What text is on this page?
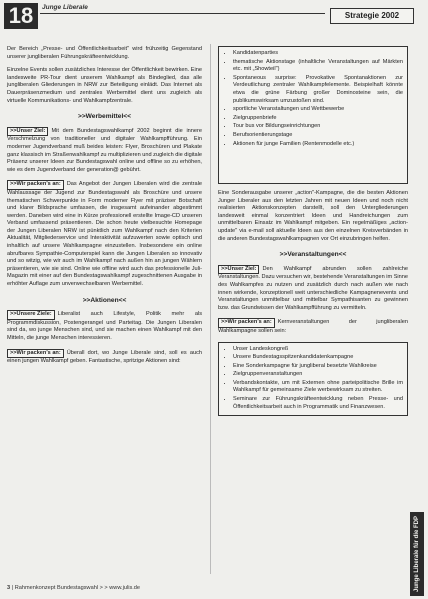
18	Junge Liberale
Strategie 2002

Der Bereich „Presse- und Öffentlichkeitsarbeit" wird frühzeitig Gegenstand unserer jungliberalen Führungskräfteentwicklung.

Einzelne Events sollen zusätzliches Interesse der Öffentlichkeit bewirken. Eine landesweite PR-Tour dient unserem Wahlkampf als Bindeglied, das alle jungliberalen Gliederungen in NRW zur Beteiligung einlädt. Das Internet als Dauerpräsenzmedium und zentrales Werbemittel dient uns zugleich als virtuelle Kommunikations- und Wahlkampfzentrale.

>>Werbemittel<<

>>Unser Ziel: Mit dem Bundestagswahlkampf 2002 beginnt die innere Verschmelzung von traditioneller und digitaler Wahlkampfführung. Ein moderner Jugendverband muß beides leisten: Flyer, Broschüren und Plakate ganz klassisch im Straßenwahlkampf zu multiplizieren und zugleich die digitale Präsenz unserer Ideen zur Bundestagswahl online und offline so zu erhöhen, wie es dem Jugendverband der generation@ gebührt.

>>Wir packen's an: Das Angebot der Jungen Liberalen wird die zentrale Wahlaussage der Jugend zur Bundestagswahl als Broschüre und unsere thematischen Schwerpunkte in Form moderner Flyer mit präziser Botschaft und klarer Bildsprache umfassen, die insgesamt aufeinander abgestimmt werden. Daneben wird eine in Kürze professionell erstellte Image-CD unseren Verband umfassend präsentieren. Die schon heute vielbesuchte Homepage der Jungen Liberalen NRW ist pünktlich zum Wahlkampf nach den Kriterien Aktualität, Mitgliederservice und Interaktivität aufzuwerten sowie optisch und inhaltlich auf unsere Wahlkampagne einzustellen. Insbesondere ein online abrufbares Sympathie-Computerspiel kann die Jungen Liberalen so innovativ und so witzig, wie wir auch im Wahlkampf nach außen hin an jungen Wählern präsentieren, wie sie sind. Online wie offline wird auch das professionelle Juli-Magazin mit einer auf den Bundestagswahlkampf zugeschnittenen Ausgabe in erhöhter Auflage zum unverwechselbaren Werbemittel.

>>Aktionen<<

>>Unsere Ziele: Liberalist auch Lifestyle, Politik mehr als Programmdiskussion, Postengerangel und Parteitag. Die Jungen Liberalen sind da, wo junge Menschen sind, und sie machen einen Wahlkampf mit den Mitteln, die junge Menschen interessieren.

>>Wir packen's an: Überall dort, wo Junge Liberale sind, soll es auch einen jungen Wahlkampf geben. Fantastische, spritzige Aktionen sind:

• Kandidatenparties
• thematische Aktionstage (inhaltliche Veranstaltungen auf Märkten etc. mit „Showteil")
• Spontaneous surprise: Provokative Spontanaktionen zur Verdeutlichung zentraler Wahlkampfelemente. Beispielhaft könnte etwa die grüne Färbung großer Dominosteine sein, die publikumswirksam umzustoßen sind.
• sportliche Veranstaltungen und Wettbewerbe
• Zielgruppenbriefe
• Tour bus vor Bildungseinrichtungen
• Berufsorientierungstage
• Aktionen für junge Familien (Rentenmodelle etc.)

Eine Sonderausgabe unserer „action"-Kampagne, die die besten Aktionen Junger Liberaler aus den letzten Jahren mit neuen Ideen und noch nicht realisierten Aktionskonzepten darstellt, soll den Untergliederungen landesweit einmal konzentriert Ideen und Handreichungen zum unmittelbaren Einsatz im Wahlkampf mitgeben. Ein regelmäßiges „action-update" via e-mail soll aktuelle Ideen aus den einzelnen Kreisverbänden in die anderen Bundestagswahlkampagnen vor Ort einzubringen helfen.

>>Veranstaltungen<<

>>Unser Ziel: Den Wahlkampf abrunden sollen zahlreiche Veranstaltungen. Dazu versuchen wir, bestehende Veranstaltungen im Sinne des Wahlkampfes zu nutzen und zusätzlich durch nach außen wie nach innen wirkende, konzeptionell weit unterschiedliche Kampagnenevents und Veranstaltungen unmittelbar und mittelbar Sympathisanten zu gewinnen bzw. das Grundwissen der Wahlkampfführung zu vermitteln.

>>Wir packen's an: Kernveranstaltungen der jungliberalen Wahlkampagne sollen sein:

• Unser Landeskongreß
• Unsere Bundestagsspitzenkandidatenkampagne
• Eine Sonderkampagne für jungliberal besetzte Wahlkreise
• Zielgruppenveranstaltungen
• Verbandskontakte, um mit Externen ohne parteipolitische Brille im Wahlkampf für gemeinsame Ziele werbewirksam zu streiten.
• Seminare zur Führungskräfteentwicklung neben Presse- und Öffentlichkeitsarbeit auch in Programmatik und Finanzwesen.
3 | Rahmenkonzept Bundestagswahl > > www.julis.de	Junge Liberale für die FDP
